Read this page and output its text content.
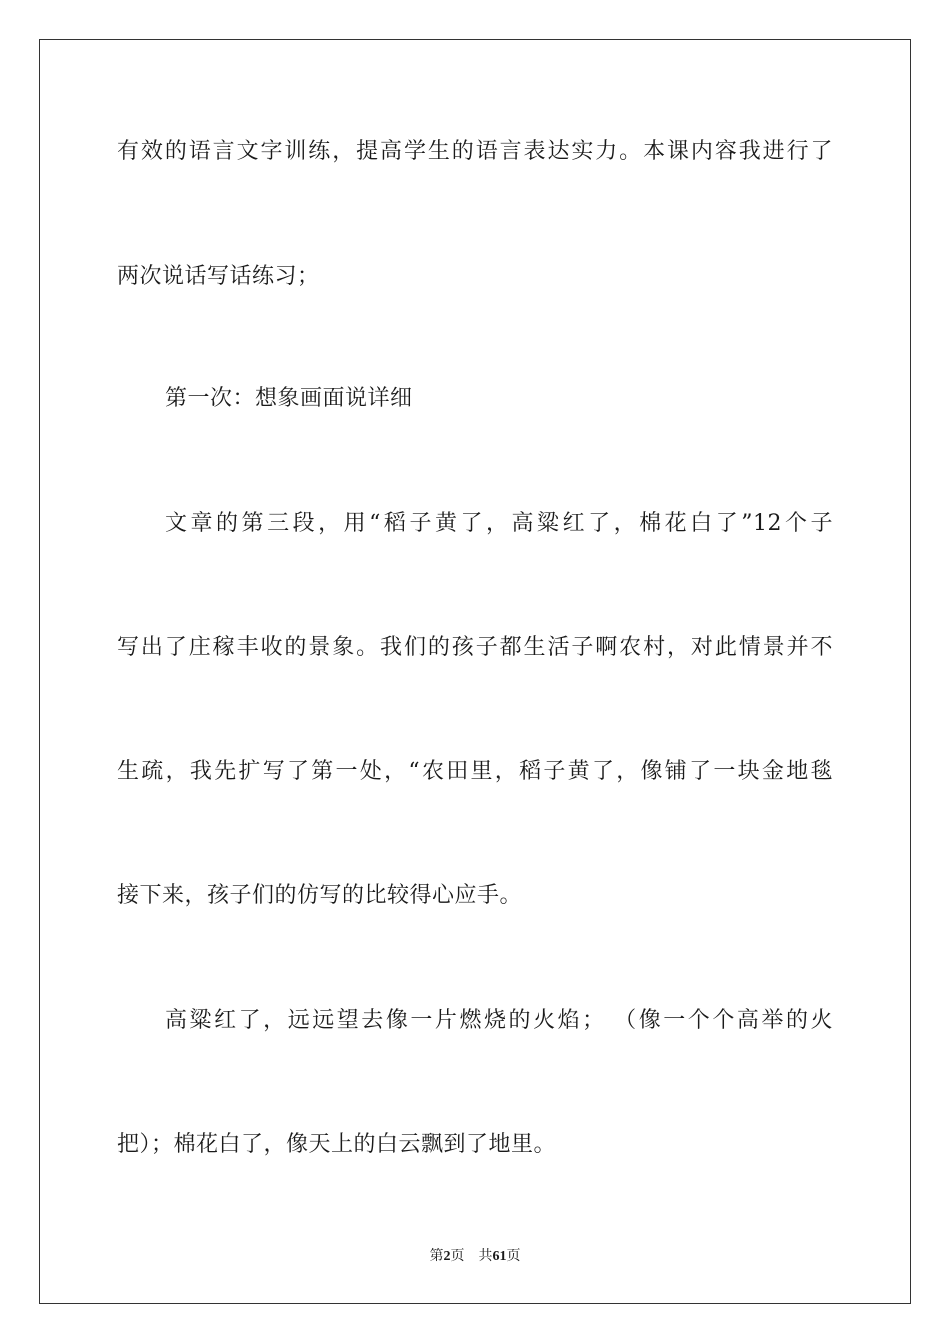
有效的语言文字训练，提高学生的语言表达实力。本课内容我进行了
两次说话写话练习；
第一次：想象画面说详细
文章的第三段，用“稻子黄了，高粱红了，棉花白了”12个子
写出了庄稼丰收的景象。我们的孩子都生活子啊农村，对此情景并不
生疏，我先扩写了第一处，“农田里，稻子黄了，像铺了一块金地毯
接下来，孩子们的仿写的比较得心应手。
高粱红了，远远望去像一片燃烧的火焰； （像一个个高举的火
把）；棉花白了，像天上的白云飘到了地里。
第2页 共61页
